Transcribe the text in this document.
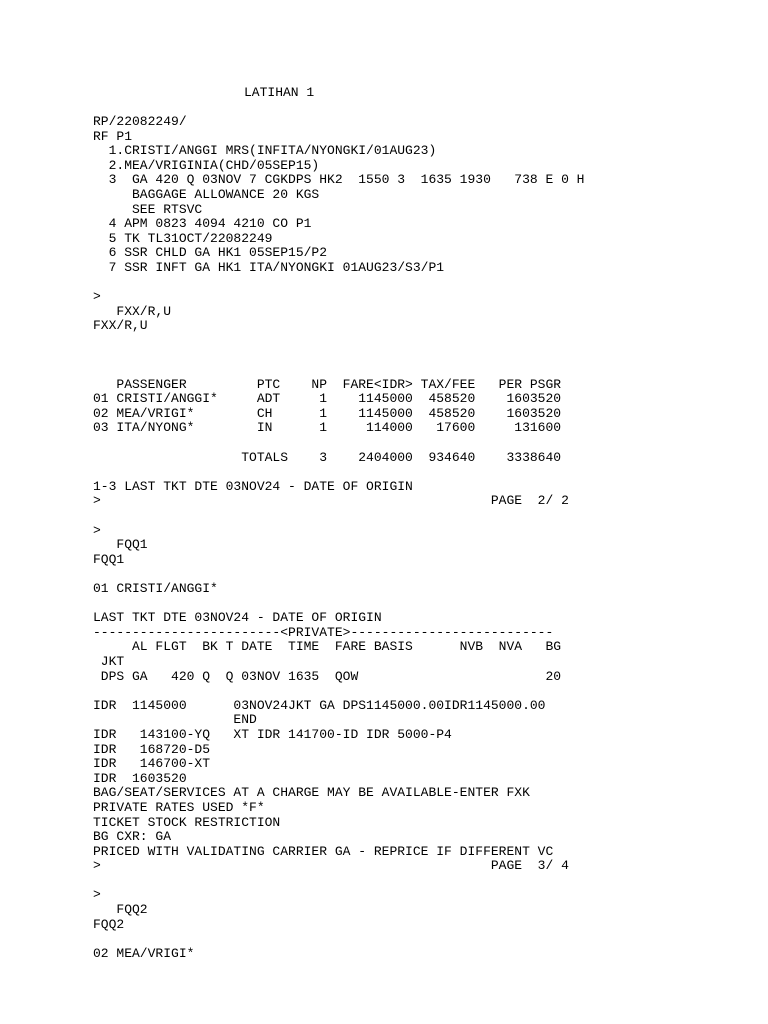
LATIHAN 1
RP/22082249/
RF P1
1.CRISTI/ANGGI MRS(INFITA/NYONGKI/01AUG23)
2.MEA/VRIGINIA(CHD/05SEP15)
3  GA 420 Q 03NOV 7 CGKDPS HK2  1550 3  1635 1930   738 E 0 H
BAGGAGE ALLOWANCE 20 KGS
SEE RTSVC
4 APM 0823 4094 4210 CO P1
5 TK TL31OCT/22082249
6 SSR CHLD GA HK1 05SEP15/P2
7 SSR INFT GA HK1 ITA/NYONGKI 01AUG23/S3/P1
>
FXX/R,U
FXX/R,U
PASSENGER         PTC    NP  FARE<IDR> TAX/FEE   PER PSGR
01 CRISTI/ANGGI*     ADT     1    1145000  458520    1603520
02 MEA/VRIGI*        CH      1    1145000  458520    1603520
03 ITA/NYONG*        IN      1     114000   17600     131600
TOTALS    3    2404000  934640    3338640
1-3 LAST TKT DTE 03NOV24 - DATE OF ORIGIN
>                                                  PAGE  2/ 2
>
FQQ1
FQQ1
01 CRISTI/ANGGI*
LAST TKT DTE 03NOV24 - DATE OF ORIGIN
------------------------<PRIVATE>--------------------------
AL FLGT  BK T DATE  TIME  FARE BASIS      NVB  NVA   BG
JKT
DPS GA   420 Q  Q 03NOV 1635  QOW                        20
IDR  1145000      03NOV24JKT GA DPS1145000.00IDR1145000.00
END
IDR   143100-YQ   XT IDR 141700-ID IDR 5000-P4
IDR   168720-D5
IDR   146700-XT
IDR  1603520
BAG/SEAT/SERVICES AT A CHARGE MAY BE AVAILABLE-ENTER FXK
PRIVATE RATES USED *F*
TICKET STOCK RESTRICTION
BG CXR: GA
PRICED WITH VALIDATING CARRIER GA - REPRICE IF DIFFERENT VC
>                                                  PAGE  3/ 4
>
FQQ2
FQQ2
02 MEA/VRIGI*
